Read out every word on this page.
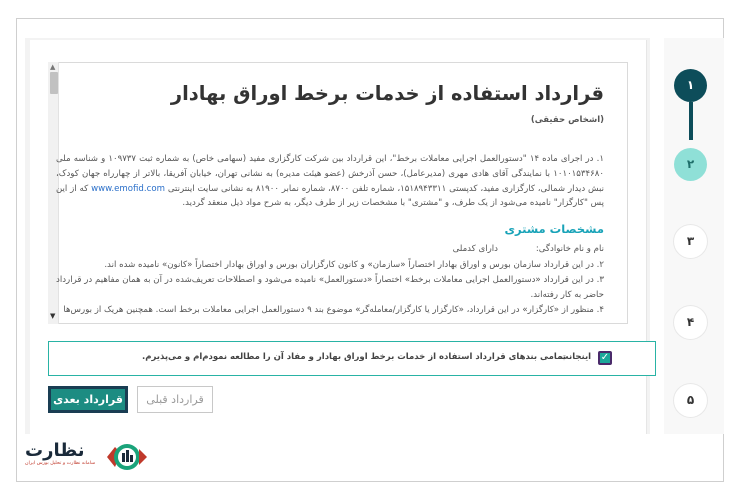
▲
▼
قرارداد استفاده از خدمات برخط اوراق بهادار
(اشخاص حقیقی)
۱. در اجرای ماده ۱۴ "دستورالعمل اجرایی معاملات برخط"، این قرارداد بین شرکت کارگزاری مفید (سهامی خاص) به شماره ثبت ۱۰۹۷۳۷ و شناسه ملی ۱۰۱۰۱۵۳۴۶۸۰ با نمایندگی آقای هادی مهری (مدیرعامل)، حسن آذرخش (عضو هیئت مدیره) به نشانی تهران، خیابان آفریقا، بالاتر از چهارراه جهان کودک، نبش دیدار شمالی، کارگزاری مفید، کدپستی ۱۵۱۸۹۴۳۳۱۱، شماره تلفن ۸۷۰۰، شماره نمابر ۸۱۹۰۰ به نشانی سایت اینترنتی www.emofid.com که از این پس "کارگزار" نامیده می‌شود از یک طرف، و "مشتری" با مشخصات زیر از طرف دیگر، به شرح مواد ذیل منعقد گردید.
مشخصات مشتری
نام و نام خانوادگی:
دارای کدملی
۲. در این قرارداد سازمان بورس و اوراق بهادار اختصاراً «سازمان» و کانون کارگزاران بورس و اوراق بهادار اختصاراً «کانون» نامیده شده اند.
۳. در این قرارداد «دستورالعمل اجرایی معاملات برخط» اختصاراً «دستورالعمل» نامیده می‌شود و اصطلاحات تعریف‌شده در آن به همان مفاهیم در قرارداد حاضر به کار رفته‌اند.
۴. منظور از «کارگزار» در این قرارداد، «کارگزار یا کارگزار/معامله‌گر» موضوع بند ۹ دستورالعمل اجرایی معاملات برخط است. همچنین هریک از بورس‌ها
✓
اینجانب
تمامی بندهای قرارداد استفاده از خدمات برخط اوراق بهادار و مفاد آن را مطالعه نمودم‌ام و می‌پذیرم.
قرارداد بعدی	قرارداد قبلی
۱
۲
۳
۴
۵
نظارت
سامانه نظارت و تحلیل بورس ایران
